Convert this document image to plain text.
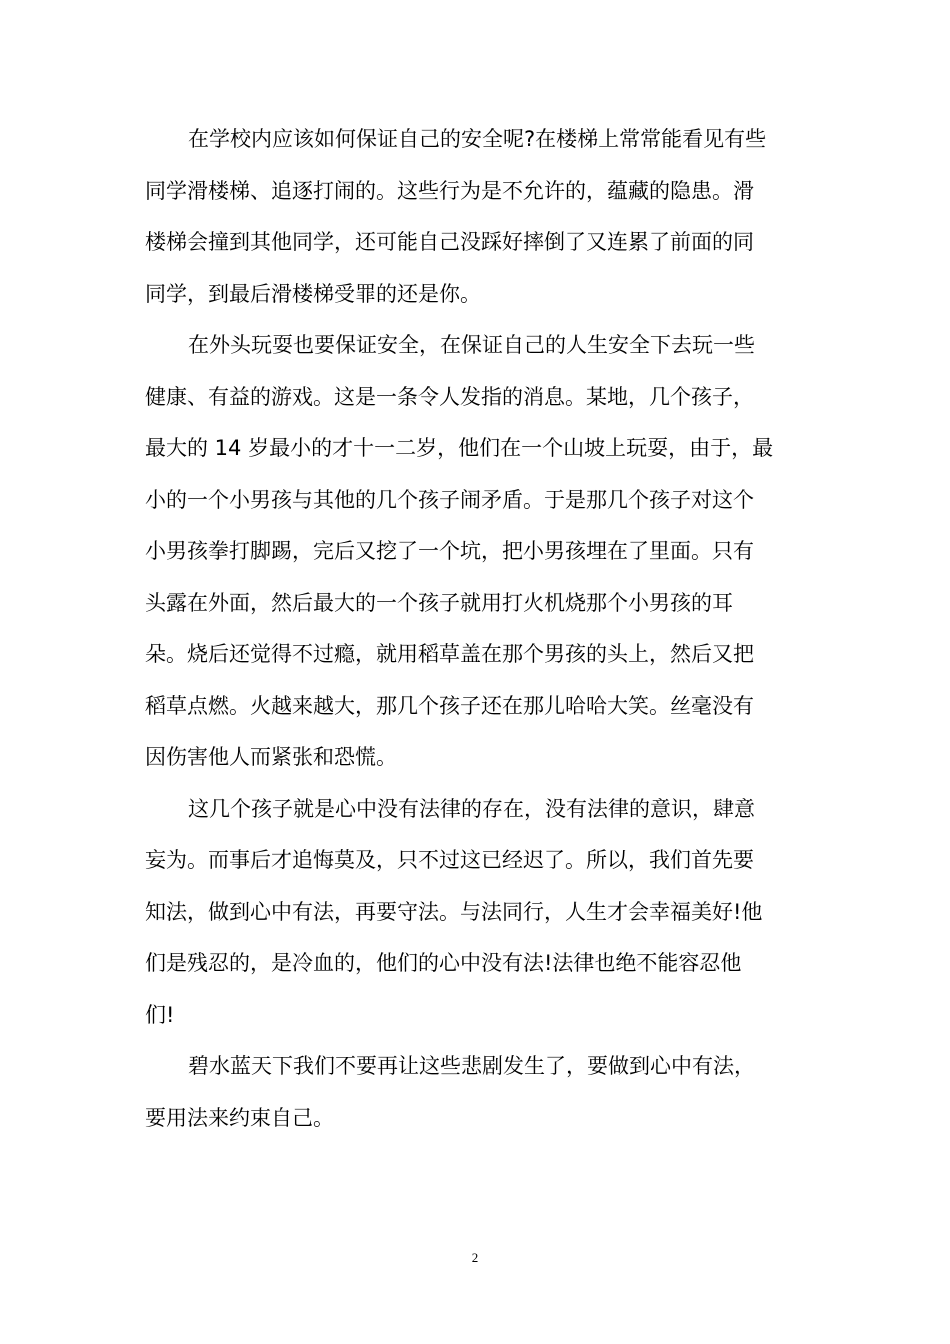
在学校内应该如何保证自己的安全呢?在楼梯上常常能看见有些
同学滑楼梯、追逐打闹的。这些行为是不允许的，蕴藏的隐患。滑
楼梯会撞到其他同学，还可能自己没踩好摔倒了又连累了前面的同
同学，到最后滑楼梯受罪的还是你。
在外头玩耍也要保证安全，在保证自己的人生安全下去玩一些
健康、有益的游戏。这是一条令人发指的消息。某地，几个孩子，
最大的 14 岁最小的才十一二岁，他们在一个山坡上玩耍，由于，最
小的一个小男孩与其他的几个孩子闹矛盾。于是那几个孩子对这个
小男孩拳打脚踢，完后又挖了一个坑，把小男孩埋在了里面。只有
头露在外面，然后最大的一个孩子就用打火机烧那个小男孩的耳
朵。烧后还觉得不过瘾，就用稻草盖在那个男孩的头上，然后又把
稻草点燃。火越来越大，那几个孩子还在那儿哈哈大笑。丝毫没有
因伤害他人而紧张和恐慌。
这几个孩子就是心中没有法律的存在，没有法律的意识，肆意
妄为。而事后才追悔莫及，只不过这已经迟了。所以，我们首先要
知法，做到心中有法，再要守法。与法同行，人生才会幸福美好!他
们是残忍的，是冷血的，他们的心中没有法!法律也绝不能容忍他
们!
碧水蓝天下我们不要再让这些悲剧发生了，要做到心中有法，
要用法来约束自己。
2
